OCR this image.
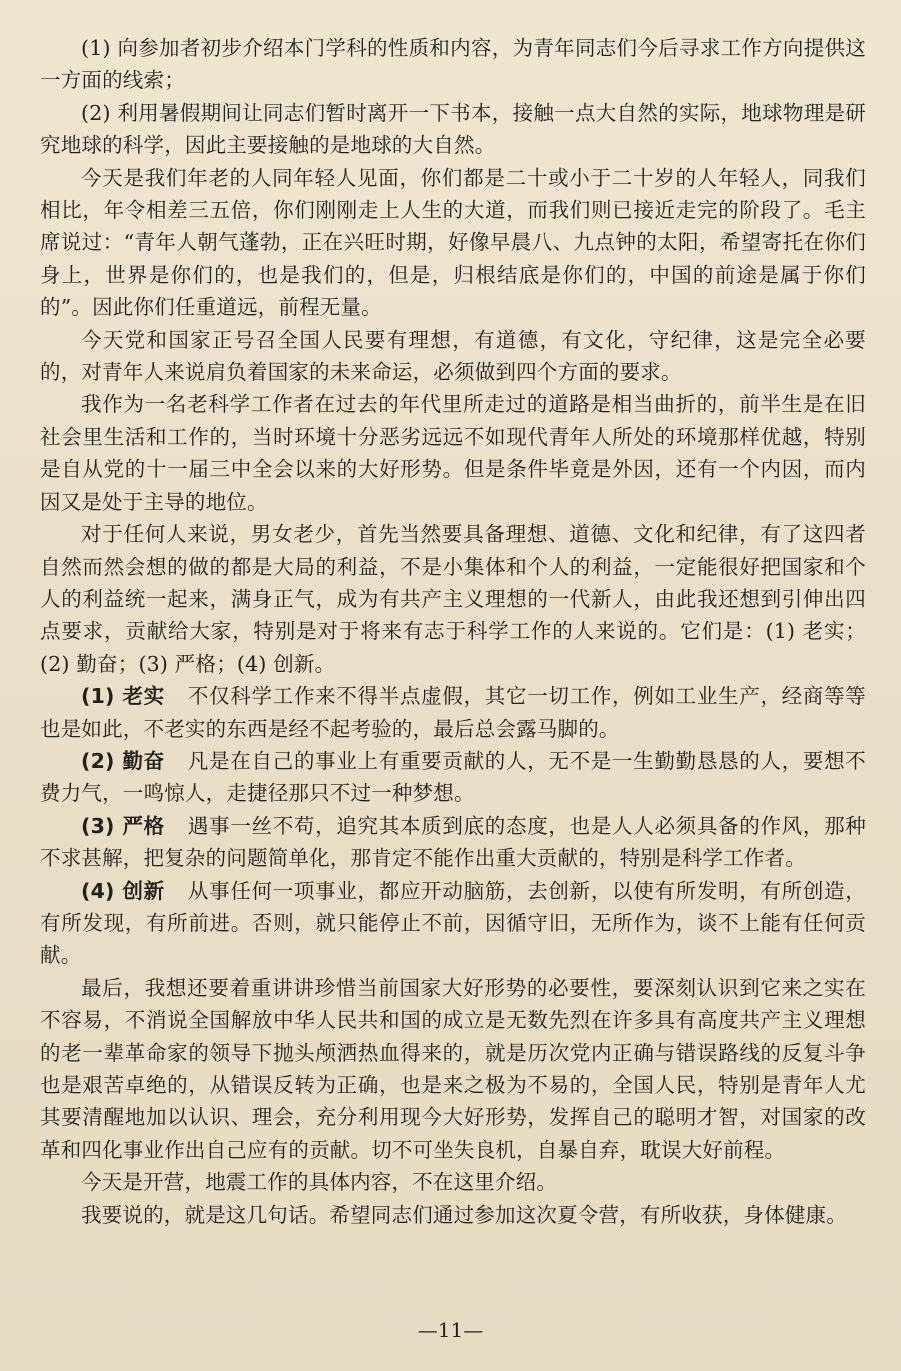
(1) 向参加者初步介绍本门学科的性质和内容，为青年同志们今后寻求工作方向提供这一方面的线索；

(2) 利用暑假期间让同志们暂时离开一下书本，接触一点大自然的实际，地球物理是研究地球的科学，因此主要接触的是地球的大自然。

今天是我们年老的人同年轻人见面，你们都是二十或小于二十岁的人年轻人，同我们相比，年令相差三五倍，你们刚刚走上人生的大道，而我们则已接近走完的阶段了。毛主席说过：“青年人朝气蓬勃，正在兴旺时期，好像早晨八、九点钟的太阳，希望寄托在你们身上，世界是你们的，也是我们的，但是，归根结底是你们的，中国的前途是属于你们的”。因此你们任重道远，前程无量。

今天党和国家正号召全国人民要有理想，有道德，有文化，守纪律，这是完全必要的，对青年人来说肩负着国家的未来命运，必须做到四个方面的要求。

我作为一名老科学工作者在过去的年代里所走过的道路是相当曲折的，前半生是在旧社会里生活和工作的，当时环境十分恶劣远远不如现代青年人所处的环境那样优越，特别是自从党的十一届三中全会以来的大好形势。但是条件毕竟是外因，还有一个内因，而内因又是处于主导的地位。

对于任何人来说，男女老少，首先当然要具备理想、道德、文化和纪律，有了这四者自然而然会想的做的都是大局的利益，不是小集体和个人的利益，一定能很好把国家和个人的利益统一起来，满身正气，成为有共产主义理想的一代新人，由此我还想到引伸出四点要求，贡献给大家，特别是对于将来有志于科学工作的人来说的。它们是：(1) 老实；(2) 勤奋；(3) 严格；(4) 创新。

(1) 老实 不仅科学工作来不得半点虚假，其它一切工作，例如工业生产，经商等等也是如此，不老实的东西是经不起考验的，最后总会露马脚的。

(2) 勤奋 凡是在自己的事业上有重要贡献的人，无不是一生勤勤恳恳的人，要想不费力气，一鸣惊人，走捷径那只不过一种梦想。

(3) 严格 遇事一丝不苟，追究其本质到底的态度，也是人人必须具备的作风，那种不求甚解，把复杂的问题简单化，那肯定不能作出重大贡献的，特别是科学工作者。

(4) 创新 从事任何一项事业，都应开动脑筋，去创新，以使有所发明，有所创造，有所发现，有所前进。否则，就只能停止不前，因循守旧，无所作为，谈不上能有任何贡献。

最后，我想还要着重讲讲珍惜当前国家大好形势的必要性，要深刻认识到它来之实在不容易，不消说全国解放中华人民共和国的成立是无数先烈在许多具有高度共产主义理想的老一辈革命家的领导下抛头颅洒热血得来的，就是历次党内正确与错误路线的反复斗争也是艰苦卓绝的，从错误反转为正确，也是来之极为不易的，全国人民，特别是青年人尤其要清醒地加以认识、理会，充分利用现今大好形势，发挥自己的聪明才智，对国家的改革和四化事业作出自己应有的贡献。切不可坐失良机，自暴自弃，耽误大好前程。

今天是开营，地震工作的具体内容，不在这里介绍。

我要说的，就是这几句话。希望同志们通过参加这次夏令营，有所收获，身体健康。

—11—
